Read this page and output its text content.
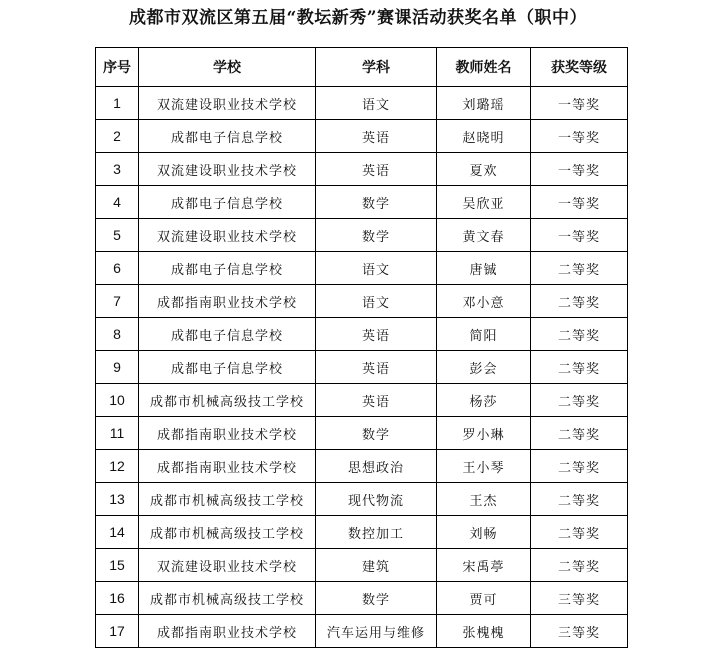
成都市双流区第五届“教坛新秀”赛课活动获奖名单（职中）
序号	学校	学科	教师姓名	获奖等级
1	双流建设职业技术学校	语文	刘璐瑶	一等奖
2	成都电子信息学校	英语	赵晓明	一等奖
3	双流建设职业技术学校	英语	夏欢	一等奖
4	成都电子信息学校	数学	吴欣亚	一等奖
5	双流建设职业技术学校	数学	黄文春	一等奖
6	成都电子信息学校	语文	唐铖	二等奖
7	成都指南职业技术学校	语文	邓小意	二等奖
8	成都电子信息学校	英语	简阳	二等奖
9	成都电子信息学校	英语	彭会	二等奖
10	成都市机械高级技工学校	英语	杨莎	二等奖
11	成都指南职业技术学校	数学	罗小琳	二等奖
12	成都指南职业技术学校	思想政治	王小琴	二等奖
13	成都市机械高级技工学校	现代物流	王杰	二等奖
14	成都市机械高级技工学校	数控加工	刘畅	二等奖
15	双流建设职业技术学校	建筑	宋禹葶	二等奖
16	成都市机械高级技工学校	数学	贾可	三等奖
17	成都指南职业技术学校	汽车运用与维修	张槐槐	三等奖
